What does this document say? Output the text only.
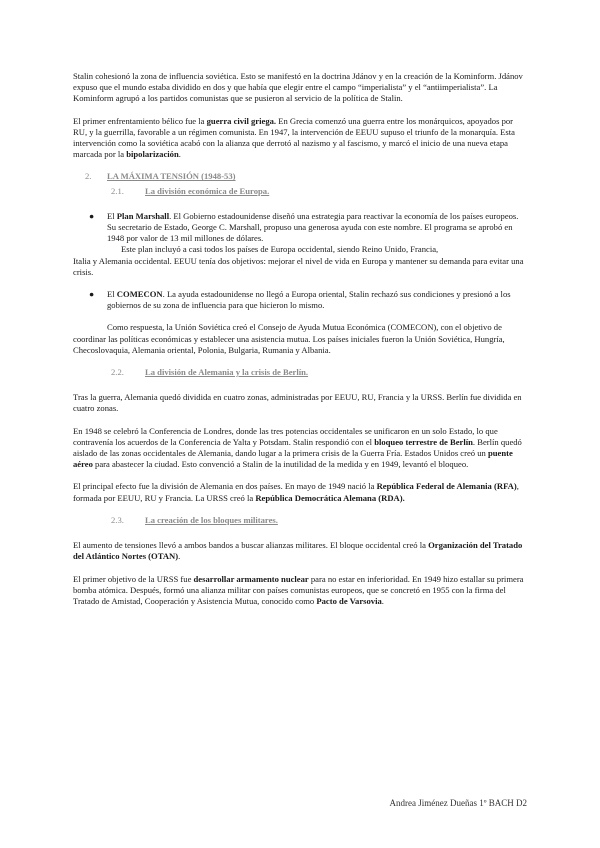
Stalin cohesionó la zona de influencia soviética. Esto se manifestó en la doctrina Jdánov y en la creación de la Kominform. Jdánov expuso que el mundo estaba dividido en dos y que había que elegir entre el campo “imperialista” y el “antiimperialista”. La Kominform agrupó a los partidos comunistas que se pusieron al servicio de la política de Stalin.

El primer enfrentamiento bélico fue la guerra civil griega. En Grecia comenzó una guerra entre los monárquicos, apoyados por RU, y la guerrilla, favorable a un régimen comunista. En 1947, la intervención de EEUU supuso el triunfo de la monarquía. Esta intervención como la soviética acabó con la alianza que derrotó al nazismo y al fascismo, y marcó el inicio de una nueva etapa marcada por la bipolarización.

2. LA MÁXIMA TENSIÓN (1948-53)
2.1. La división económica de Europa.
● El Plan Marshall. El Gobierno estadounidense diseñó una estrategia para reactivar la economía de los países europeos. Su secretario de Estado, George C. Marshall, propuso una generosa ayuda con este nombre. El programa se aprobó en 1948 por valor de 13 mil millones de dólares.

Este plan incluyó a casi todos los países de Europa occidental, siendo Reino Unido, Francia,

Italia y Alemania occidental. EEUU tenía dos objetivos: mejorar el nivel de vida en Europa y mantener su demanda para evitar una crisis.

● El COMECON. La ayuda estadounidense no llegó a Europa oriental, Stalin rechazó sus condiciones y presionó a los gobiernos de su zona de influencia para que hicieron lo mismo.

Como respuesta, la Unión Soviética creó el Consejo de Ayuda Mutua Económica (COMECON), con el objetivo de coordinar las políticas económicas y establecer una asistencia mutua. Los países iniciales fueron la Unión Soviética, Hungría, Checoslovaquia, Alemania oriental, Polonia, Bulgaria, Rumania y Albania.

2.2. La división de Alemania y la crisis de Berlín.

Tras la guerra, Alemania quedó dividida en cuatro zonas, administradas por EEUU, RU, Francia y la URSS. Berlín fue dividida en cuatro zonas.

En 1948 se celebró la Conferencia de Londres, donde las tres potencias occidentales se unificaron en un solo Estado, lo que contravenía los acuerdos de la Conferencia de Yalta y Potsdam. Stalin respondió con el bloqueo terrestre de Berlín. Berlín quedó aislado de las zonas occidentales de Alemania, dando lugar a la primera crisis de la Guerra Fría. Estados Unidos creó un puente aéreo para abastecer la ciudad. Esto convenció a Stalin de la inutilidad de la medida y en 1949, levantó el bloqueo.

El principal efecto fue la división de Alemania en dos países. En mayo de 1949 nació la República Federal de Alemania (RFA), formada por EEUU, RU y Francia. La URSS creó la República Democrática Alemana (RDA).

2.3. La creación de los bloques militares.

El aumento de tensiones llevó a ambos bandos a buscar alianzas militares. El bloque occidental creó la Organización del Tratado del Atlántico Nortes (OTAN).

El primer objetivo de la URSS fue desarrollar armamento nuclear para no estar en inferioridad. En 1949 hizo estallar su primera bomba atómica. Después, formó una alianza militar con países comunistas europeos, que se concretó en 1955 con la firma del Tratado de Amistad, Cooperación y Asistencia Mutua, conocido como Pacto de Varsovia.

Andrea Jiménez Dueñas 1º BACH D2
